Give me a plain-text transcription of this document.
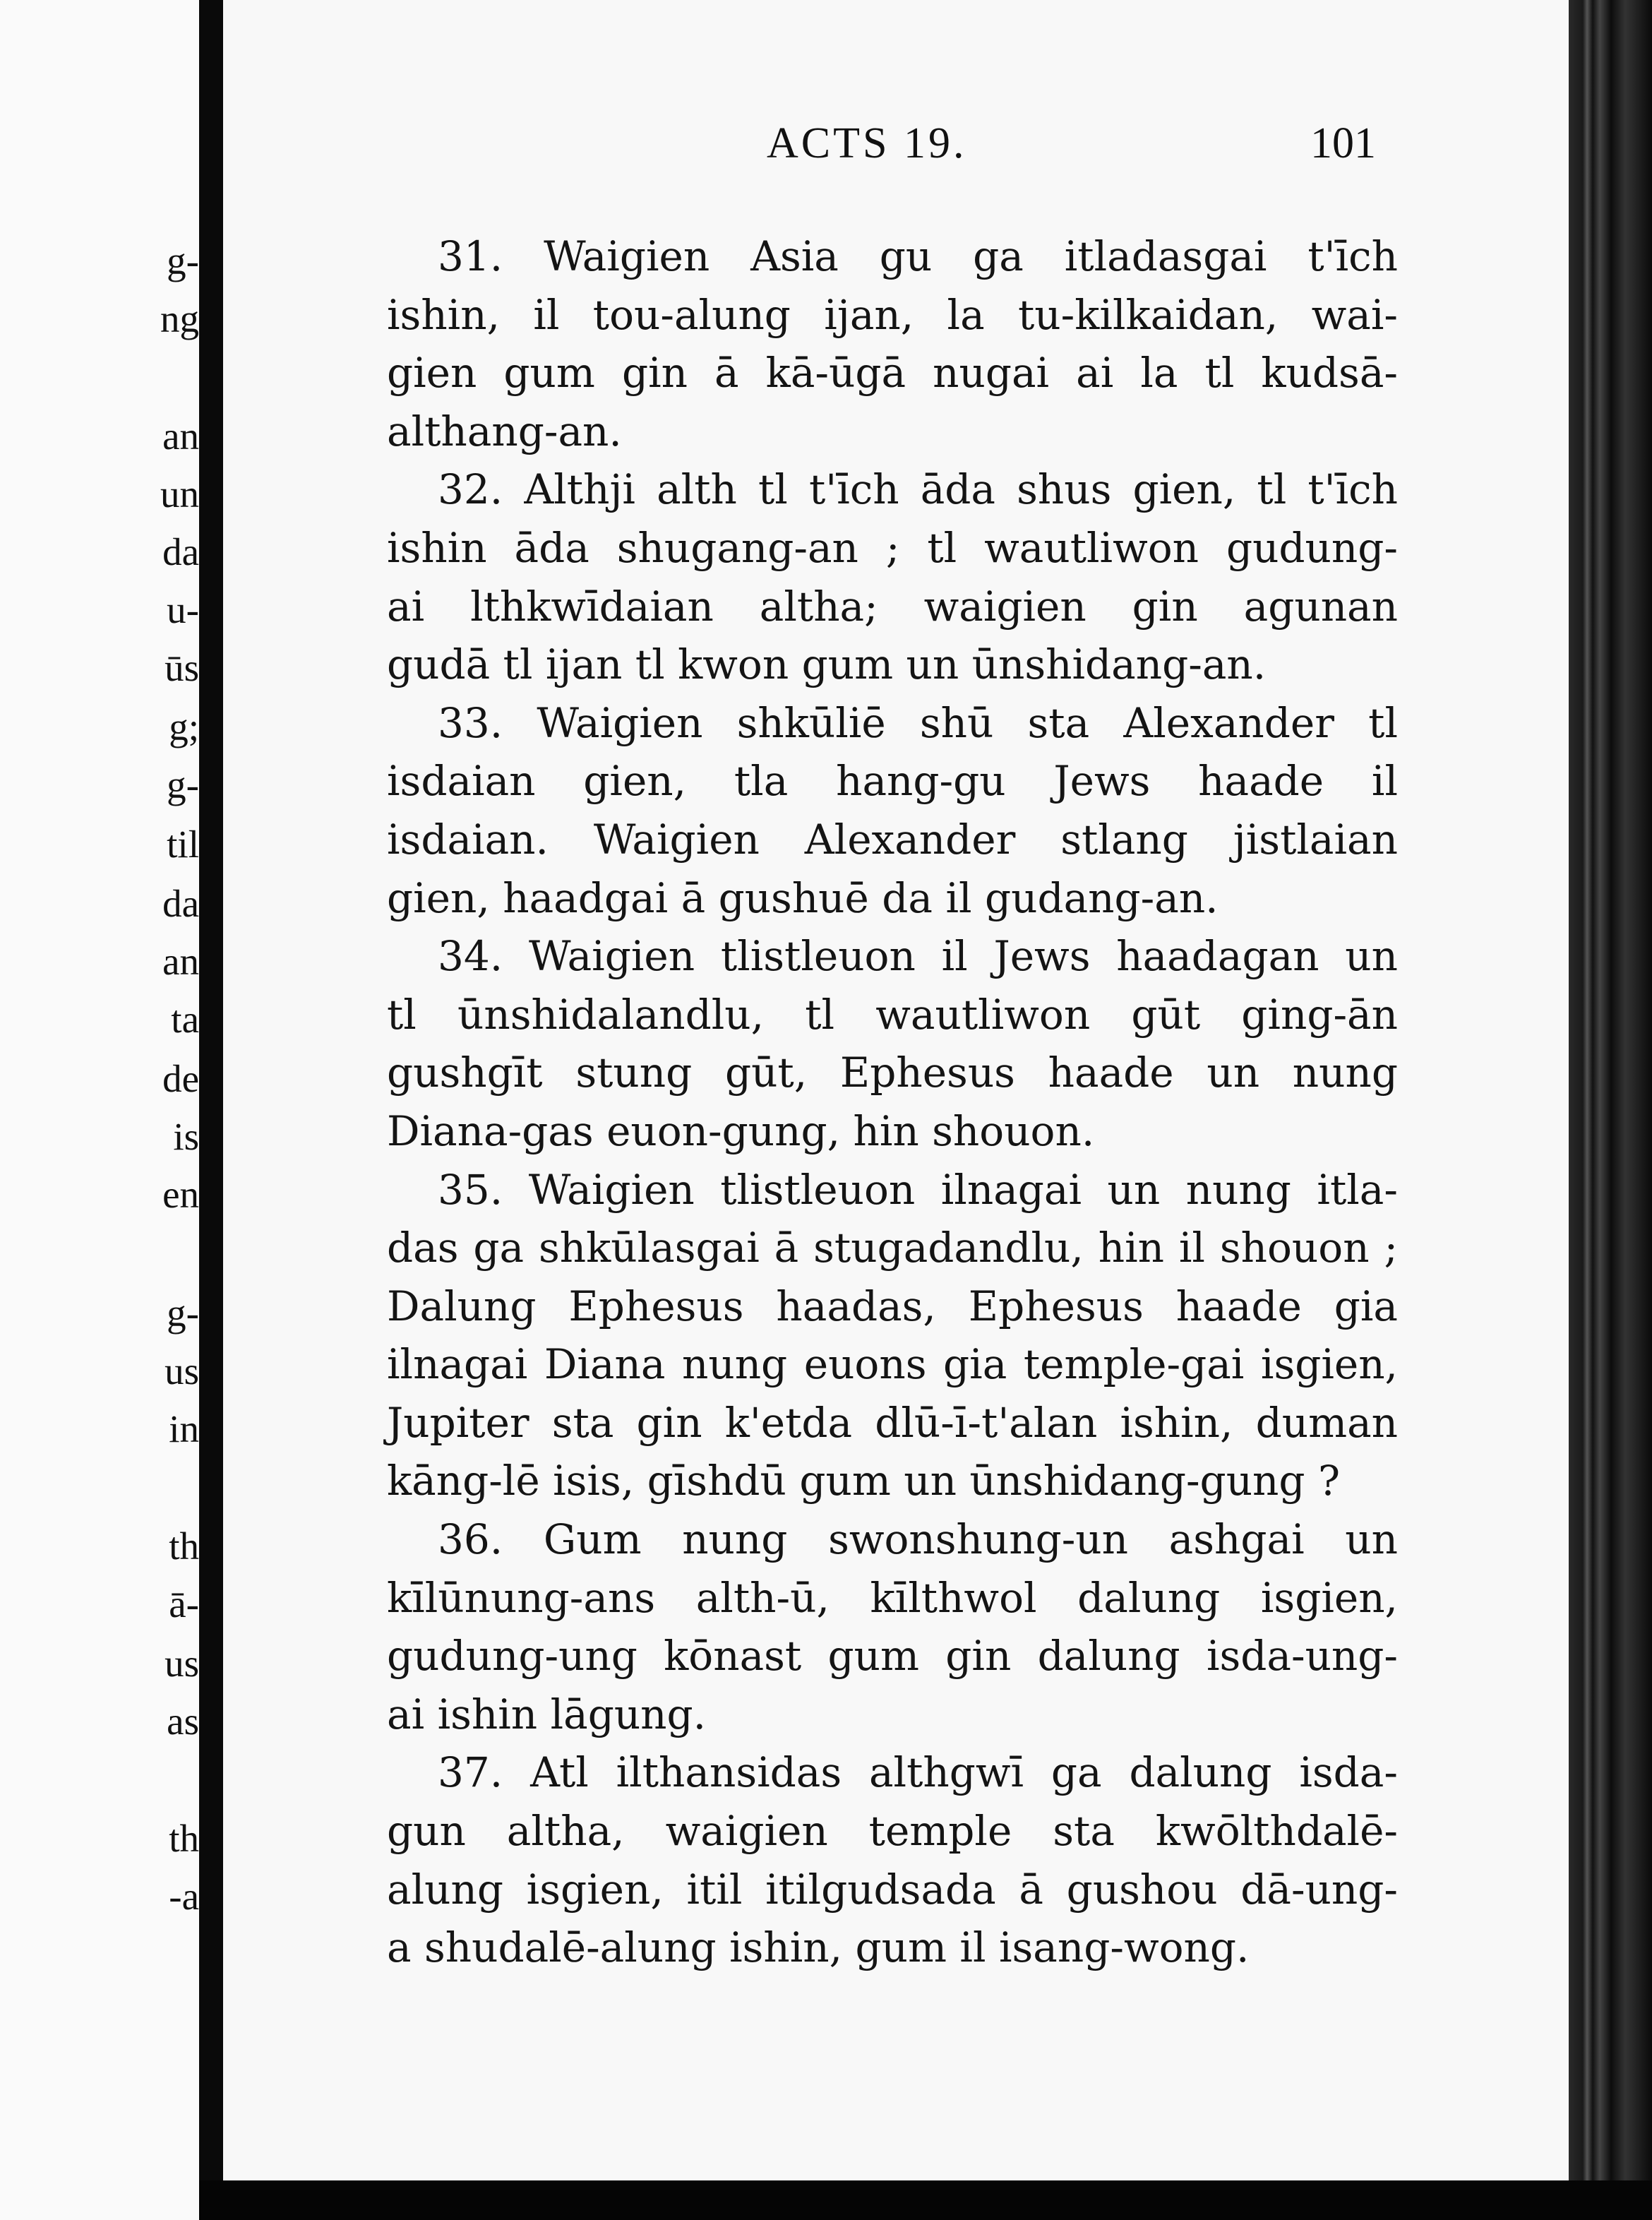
g-
ng
an
un
da
u-
ūs
g;
g-
til
da
an
ta
de
is
en
g-
us
in
th
ā-
us
as
th
-a
ACTS 19.	101
31. Waigien Asia gu ga itladasgai t'īch
ishin, il tou-alung ijan, la tu-kilkaidan, wai-
gien gum gin ā kā-ūgā nugai ai la tl kudsā-
althang-an.
32. Althji alth tl t'īch āda shus gien, tl t'īch
ishin āda shugang-an ; tl wautliwon gudung-
ai lthkwīdaian altha; waigien gin agunan
gudā tl ijan tl kwon gum un ūnshidang-an.
33. Waigien shkūliē shū sta Alexander tl
isdaian gien, tla hang-gu Jews haade il
isdaian. Waigien Alexander stlang jistlaian
gien, haadgai ā gushuē da il gudang-an.
34. Waigien tlistleuon il Jews haadagan un
tl ūnshidalandlu, tl wautliwon gūt ging-ān
gushgīt stung gūt, Ephesus haade un nung
Diana-gas euon-gung, hin shouon.
35. Waigien tlistleuon ilnagai un nung itla-
das ga shkūlasgai ā stugadandlu, hin il shouon ;
Dalung Ephesus haadas, Ephesus haade gia
ilnagai Diana nung euons gia temple-gai isgien,
Jupiter sta gin k'etda dlū-ī-t'alan ishin, duman
kāng-lē isis, gīshdū gum un ūnshidang-gung ?
36. Gum nung swonshung-un ashgai un
kīlūnung-ans alth-ū, kīlthwol dalung isgien,
gudung-ung kōnast gum gin dalung isda-ung-
ai ishin lāgung.
37. Atl ilthansidas althgwī ga dalung isda-
gun altha, waigien temple sta kwōlthdalē-
alung isgien, itil itilgudsada ā gushou dā-ung-
a shudalē-alung ishin, gum il isang-wong.
